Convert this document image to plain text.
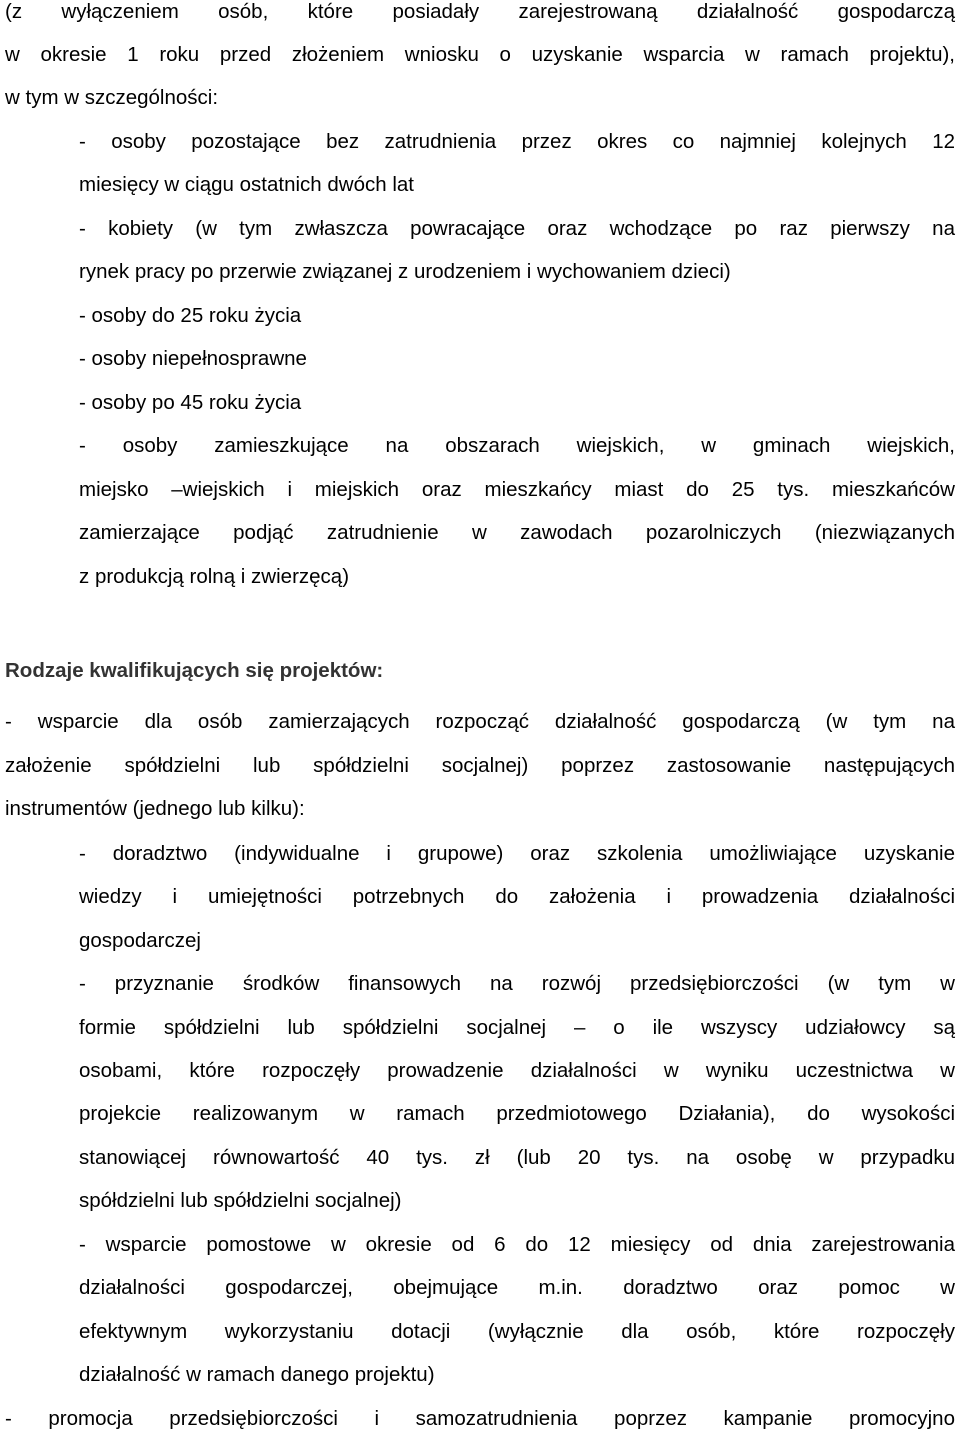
(z wyłączeniem osób, które posiadały zarejestrowaną działalność gospodarczą
w okresie 1 roku przed złożeniem wniosku o uzyskanie wsparcia w ramach projektu),
w tym w szczególności:
- osoby pozostające bez zatrudnienia przez okres co najmniej kolejnych 12
miesięcy w ciągu ostatnich dwóch lat
- kobiety (w tym zwłaszcza powracające oraz wchodzące po raz pierwszy na
rynek pracy po przerwie związanej z urodzeniem i wychowaniem dzieci)
- osoby do 25 roku życia
- osoby niepełnosprawne
- osoby po 45 roku życia
- osoby zamieszkujące na obszarach wiejskich, w gminach wiejskich,
miejsko –wiejskich i miejskich oraz mieszkańcy miast do 25 tys. mieszkańców
zamierzające podjąć zatrudnienie w zawodach pozarolniczych (niezwiązanych
z produkcją rolną i zwierzęcą)
Rodzaje kwalifikujących się projektów:
- wsparcie dla osób zamierzających rozpocząć działalność gospodarczą (w tym na
założenie spółdzielni lub spółdzielni socjalnej) poprzez zastosowanie następujących
instrumentów (jednego lub kilku):
- doradztwo (indywidualne i grupowe) oraz szkolenia umożliwiające uzyskanie
wiedzy i umiejętności potrzebnych do założenia i prowadzenia działalności
gospodarczej
- przyznanie środków finansowych na rozwój przedsiębiorczości (w tym w
formie spółdzielni lub spółdzielni socjalnej – o ile wszyscy udziałowcy są
osobami, które rozpoczęły prowadzenie działalności w wyniku uczestnictwa w
projekcie realizowanym w ramach przedmiotowego Działania), do wysokości
stanowiącej równowartość 40 tys. zł (lub 20 tys. na osobę w przypadku
spółdzielni lub spółdzielni socjalnej)
- wsparcie pomostowe w okresie od 6 do 12 miesięcy od dnia zarejestrowania
działalności gospodarczej, obejmujące m.in. doradztwo oraz pomoc w
efektywnym wykorzystaniu dotacji (wyłącznie dla osób, które rozpoczęły
działalność w ramach danego projektu)
- promocja przedsiębiorczości i samozatrudnienia poprzez kampanie promocyjno
